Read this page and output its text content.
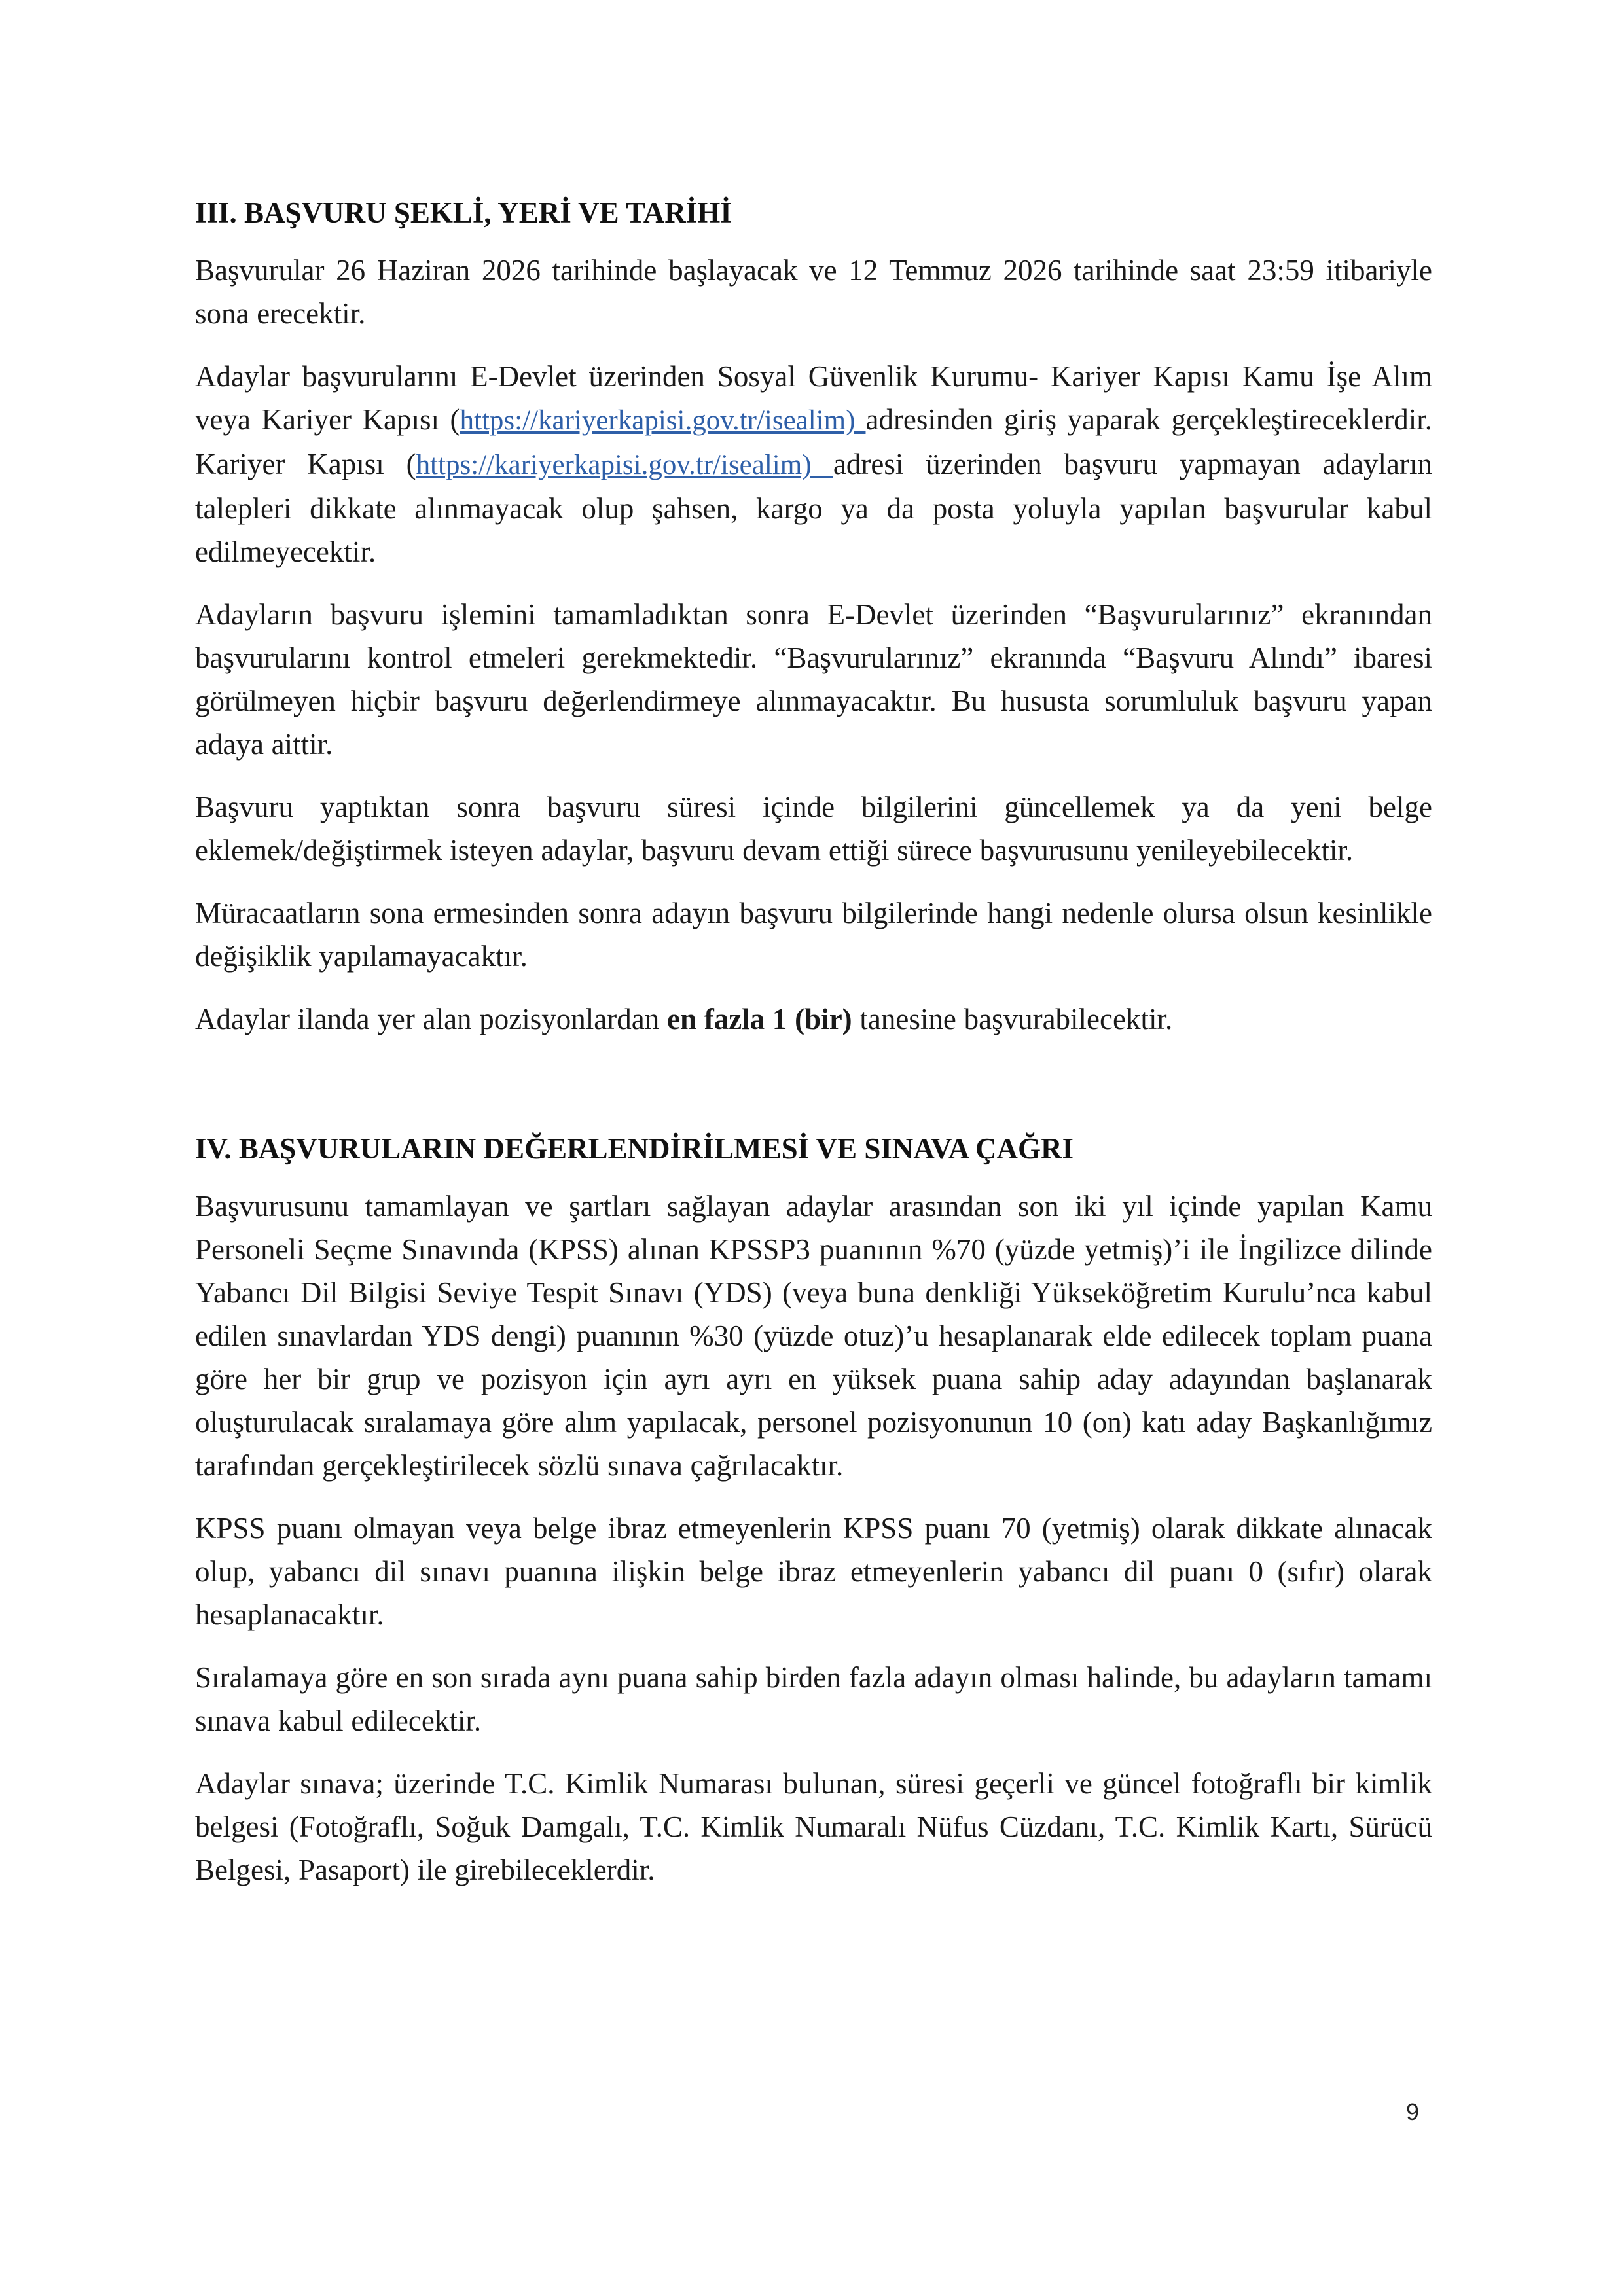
III. BAŞVURU ŞEKLİ, YERİ VE TARİHİ

Başvurular 26 Haziran 2026 tarihinde başlayacak ve 12 Temmuz 2026 tarihinde saat 23:59 itibariyle sona erecektir.

Adaylar başvurularını E-Devlet üzerinden Sosyal Güvenlik Kurumu- Kariyer Kapısı Kamu İşe Alım veya Kariyer Kapısı (https://kariyerkapisi.gov.tr/isealim) adresinden giriş yaparak gerçekleştireceklerdir. Kariyer Kapısı (https://kariyerkapisi.gov.tr/isealim) adresi üzerinden başvuru yapmayan adayların talepleri dikkate alınmayacak olup şahsen, kargo ya da posta yoluyla yapılan başvurular kabul edilmeyecektir.

Adayların başvuru işlemini tamamladıktan sonra E-Devlet üzerinden “Başvurularınız” ekranından başvurularını kontrol etmeleri gerekmektedir. “Başvurularınız” ekranında “Başvuru Alındı” ibaresi görülmeyen hiçbir başvuru değerlendirmeye alınmayacaktır. Bu hususta sorumluluk başvuru yapan adaya aittir.

Başvuru yaptıktan sonra başvuru süresi içinde bilgilerini güncellemek ya da yeni belge eklemek/değiştirmek isteyen adaylar, başvuru devam ettiği sürece başvurusunu yenileyebilecektir.

Müracaatların sona ermesinden sonra adayın başvuru bilgilerinde hangi nedenle olursa olsun kesinlikle değişiklik yapılamayacaktır.

Adaylar ilanda yer alan pozisyonlardan en fazla 1 (bir) tanesine başvurabilecektir.

IV. BAŞVURULARIN DEĞERLENDİRİLMESİ VE SINAVA ÇAĞRI

Başvurusunu tamamlayan ve şartları sağlayan adaylar arasından son iki yıl içinde yapılan Kamu Personeli Seçme Sınavında (KPSS) alınan KPSSP3 puanının %70 (yüzde yetmiş)’i ile İngilizce dilinde Yabancı Dil Bilgisi Seviye Tespit Sınavı (YDS) (veya buna denkliği Yükseköğretim Kurulu’nca kabul edilen sınavlardan YDS dengi) puanının %30 (yüzde otuz)’u hesaplanarak elde edilecek toplam puana göre her bir grup ve pozisyon için ayrı ayrı en yüksek puana sahip aday adayından başlanarak oluşturulacak sıralamaya göre alım yapılacak, personel pozisyonunun 10 (on) katı aday Başkanlığımız tarafından gerçekleştirilecek sözlü sınava çağrılacaktır.

KPSS puanı olmayan veya belge ibraz etmeyenlerin KPSS puanı 70 (yetmiş) olarak dikkate alınacak olup, yabancı dil sınavı puanına ilişkin belge ibraz etmeyenlerin yabancı dil puanı 0 (sıfır) olarak hesaplanacaktır.

Sıralamaya göre en son sırada aynı puana sahip birden fazla adayın olması halinde, bu adayların tamamı sınava kabul edilecektir.

Adaylar sınava; üzerinde T.C. Kimlik Numarası bulunan, süresi geçerli ve güncel fotoğraflı bir kimlik belgesi (Fotoğraflı, Soğuk Damgalı, T.C. Kimlik Numaralı Nüfus Cüzdanı, T.C. Kimlik Kartı, Sürücü Belgesi, Pasaport) ile girebileceklerdir.

9
